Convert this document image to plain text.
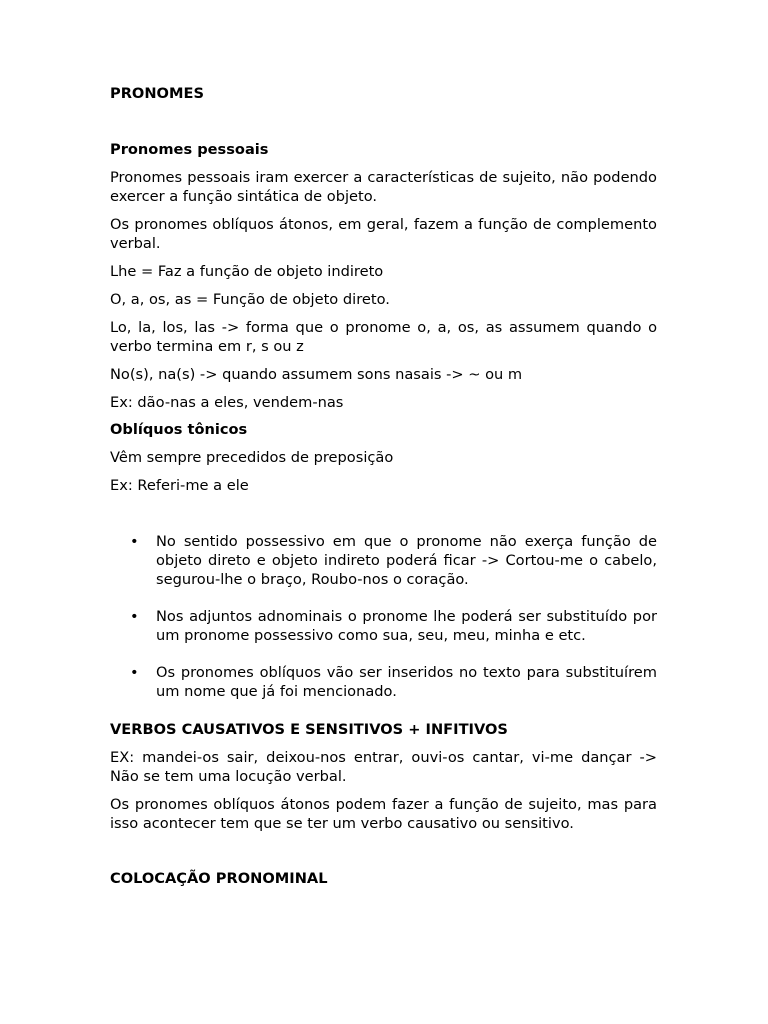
PRONOMES
Pronomes pessoais

Pronomes pessoais iram exercer a características de sujeito, não podendo exercer a função sintática de objeto.

Os pronomes oblíquos átonos, em geral, fazem a função de complemento verbal.

Lhe = Faz a função de objeto indireto

O, a, os, as = Função de objeto direto.

Lo, la, los, las -> forma que o pronome o, a, os, as assumem quando o verbo termina em r, s ou z

No(s), na(s) -> quando assumem sons nasais -> ~ ou m

Ex: dão-nas a eles, vendem-nas

Oblíquos tônicos

Vêm sempre precedidos de preposição

Ex: Referi-me a ele

• No sentido possessivo em que o pronome não exerça função de objeto direto e objeto indireto poderá ficar -> Cortou-me o cabelo, segurou-lhe o braço, Roubo-nos o coração.
• Nos adjuntos adnominais o pronome lhe poderá ser substituído por um pronome possessivo como sua, seu, meu, minha e etc.
• Os pronomes oblíquos vão ser inseridos no texto para substituírem um nome que já foi mencionado.
VERBOS CAUSATIVOS E SENSITIVOS + INFITIVOS

EX: mandei-os sair, deixou-nos entrar, ouvi-os cantar, vi-me dançar -> Não se tem uma locução verbal.

Os pronomes oblíquos átonos podem fazer a função de sujeito, mas para isso acontecer tem que se ter um verbo causativo ou sensitivo.

COLOCAÇÃO PRONOMINAL
